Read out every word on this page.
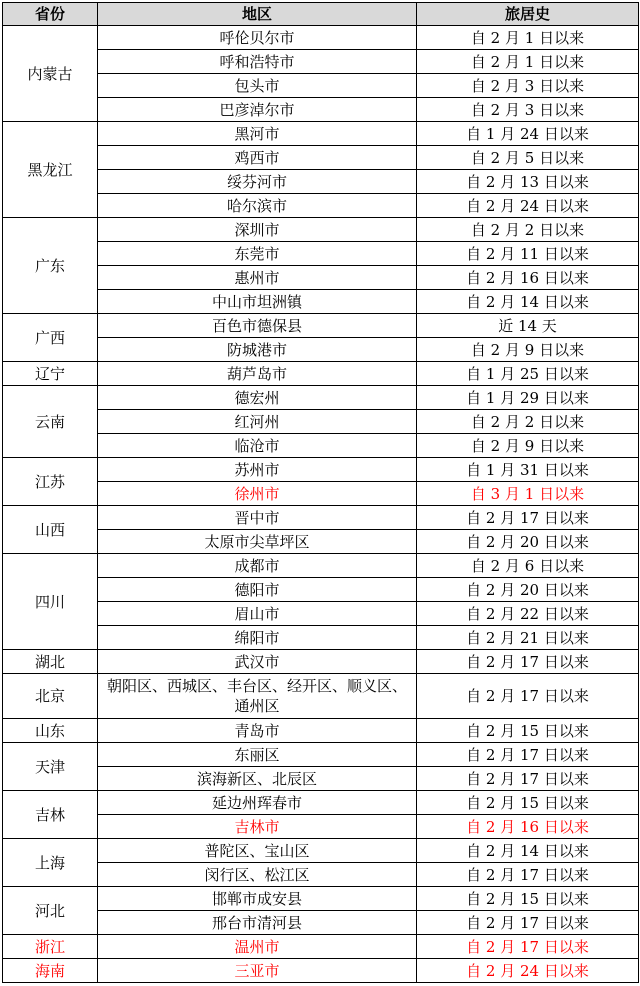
省份	地区	旅居史
内蒙古	呼伦贝尔市	自 2 月 1 日以来
	呼和浩特市	自 2 月 1 日以来
	包头市	自 2 月 3 日以来
	巴彦淖尔市	自 2 月 3 日以来
黑龙江	黑河市	自 1 月 24 日以来
	鸡西市	自 2 月 5 日以来
	绥芬河市	自 2 月 13 日以来
	哈尔滨市	自 2 月 24 日以来
广东	深圳市	自 2 月 2 日以来
	东莞市	自 2 月 11 日以来
	惠州市	自 2 月 16 日以来
	中山市坦洲镇	自 2 月 14 日以来
广西	百色市德保县	近 14 天
	防城港市	自 2 月 9 日以来
辽宁	葫芦岛市	自 1 月 25 日以来
云南	德宏州	自 1 月 29 日以来
	红河州	自 2 月 2 日以来
	临沧市	自 2 月 9 日以来
江苏	苏州市	自 1 月 31 日以来
	徐州市	自 3 月 1 日以来
山西	晋中市	自 2 月 17 日以来
	太原市尖草坪区	自 2 月 20 日以来
四川	成都市	自 2 月 6 日以来
	德阳市	自 2 月 20 日以来
	眉山市	自 2 月 22 日以来
	绵阳市	自 2 月 21 日以来
湖北	武汉市	自 2 月 17 日以来
北京	朝阳区、西城区、丰台区、经开区、顺义区、通州区	自 2 月 17 日以来
山东	青岛市	自 2 月 15 日以来
天津	东丽区	自 2 月 17 日以来
	滨海新区、北辰区	自 2 月 17 日以来
吉林	延边州珲春市	自 2 月 15 日以来
	吉林市	自 2 月 16 日以来
上海	普陀区、宝山区	自 2 月 14 日以来
	闵行区、松江区	自 2 月 17 日以来
河北	邯郸市成安县	自 2 月 15 日以来
	邢台市清河县	自 2 月 17 日以来
浙江	温州市	自 2 月 17 日以来
海南	三亚市	自 2 月 24 日以来
